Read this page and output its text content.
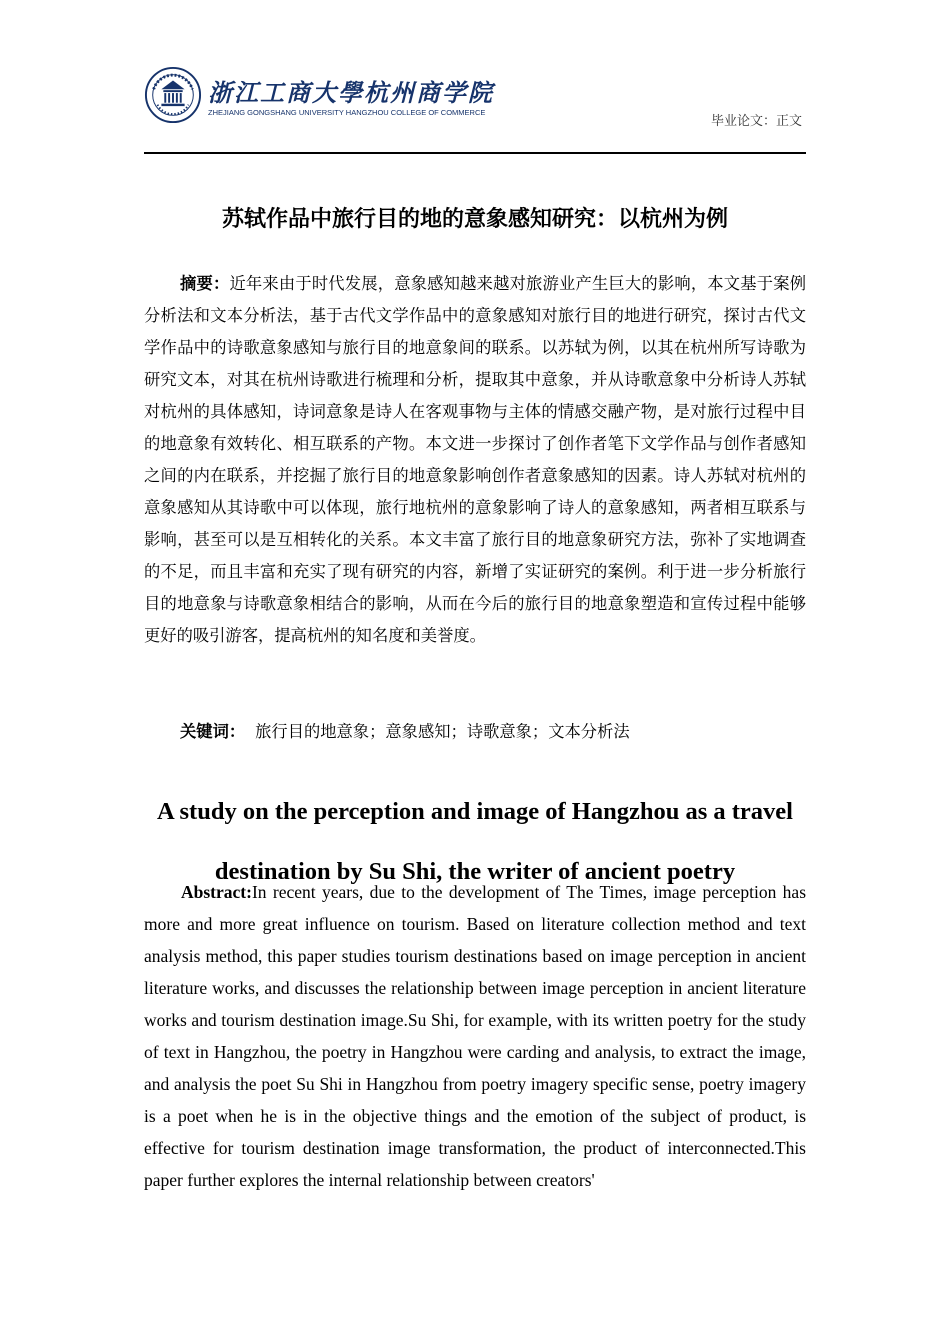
浙江工商大學杭州商学院
ZHEJIANG GONGSHANG UNIVERSITY HANGZHOU COLLEGE OF COMMERCE
毕业论文：正文
苏轼作品中旅行目的地的意象感知研究：以杭州为例

摘要：近年来由于时代发展，意象感知越来越对旅游业产生巨大的影响，本文基于案例分析法和文本分析法，基于古代文学作品中的意象感知对旅行目的地进行研究，探讨古代文学作品中的诗歌意象感知与旅行目的地意象间的联系。以苏轼为例，以其在杭州所写诗歌为研究文本，对其在杭州诗歌进行梳理和分析，提取其中意象，并从诗歌意象中分析诗人苏轼对杭州的具体感知，诗词意象是诗人在客观事物与主体的情感交融产物，是对旅行过程中目的地意象有效转化、相互联系的产物。本文进一步探讨了创作者笔下文学作品与创作者感知之间的内在联系，并挖掘了旅行目的地意象影响创作者意象感知的因素。诗人苏轼对杭州的意象感知从其诗歌中可以体现，旅行地杭州的意象影响了诗人的意象感知，两者相互联系与影响，甚至可以是互相转化的关系。本文丰富了旅行目的地意象研究方法，弥补了实地调查的不足，而且丰富和充实了现有研究的内容，新增了实证研究的案例。利于进一步分析旅行目的地意象与诗歌意象相结合的影响，从而在今后的旅行目的地意象塑造和宣传过程中能够更好的吸引游客，提高杭州的知名度和美誉度。

关键词： 旅行目的地意象；意象感知；诗歌意象；文本分析法
A study on the perception and image of Hangzhou as a travel
destination by Su Shi, the writer of ancient poetry

Abstract:In recent years, due to the development of The Times, image perception has more and more great influence on tourism. Based on literature collection method and text analysis method, this paper studies tourism destinations based on image perception in ancient literature works, and discusses the relationship between image perception in ancient literature works and tourism destination image.Su Shi, for example, with its written poetry for the study of text in Hangzhou, the poetry in Hangzhou were carding and analysis, to extract the image, and analysis the poet Su Shi in Hangzhou from poetry imagery specific sense, poetry imagery is a poet when he is in the objective things and the emotion of the subject of product, is effective for tourism destination image transformation, the product of interconnected.This paper further explores the internal relationship between creators'
